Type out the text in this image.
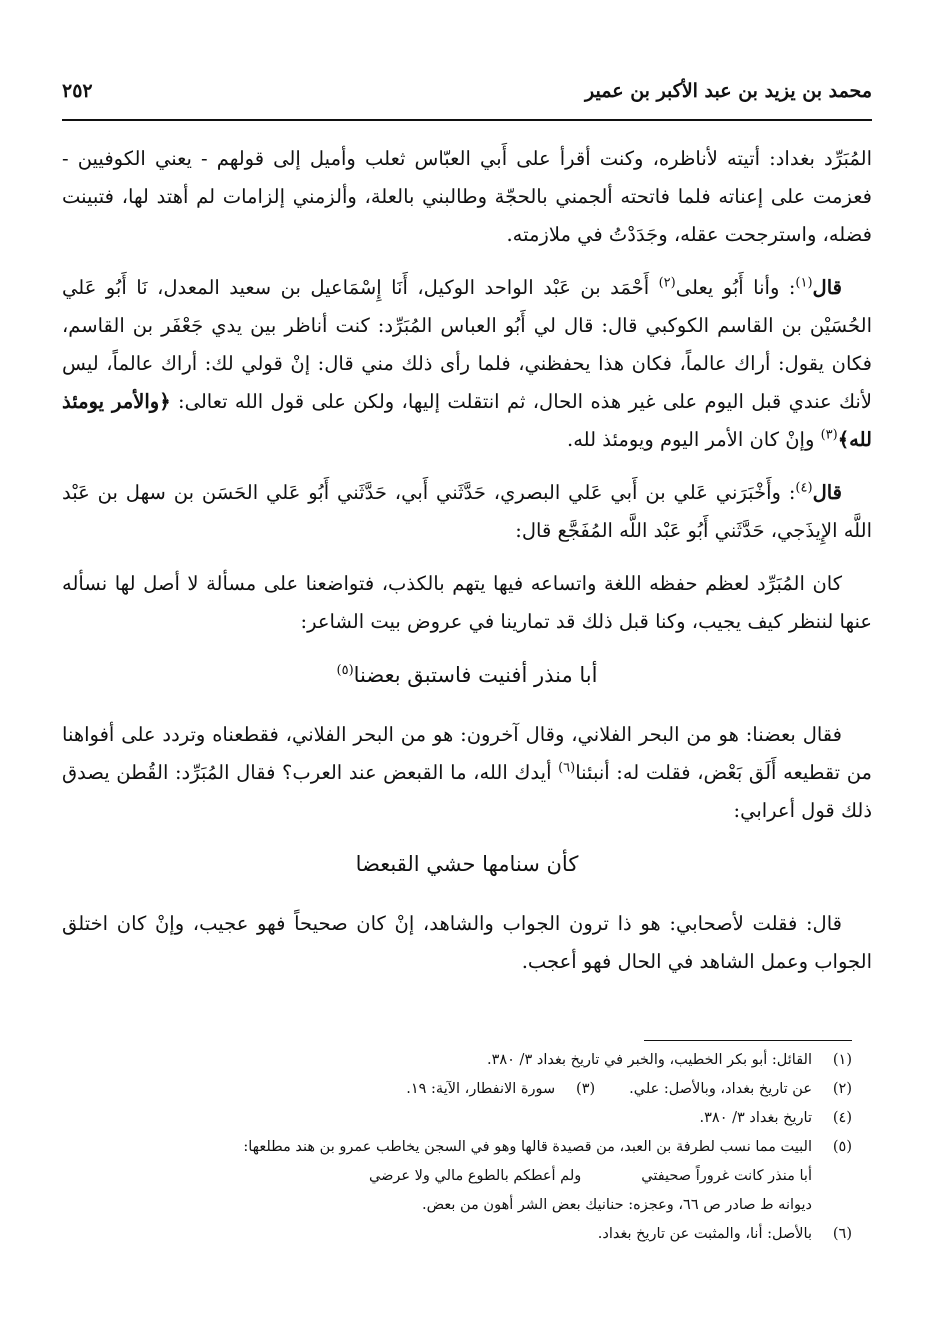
محمد بن يزيد بن عبد الأكبر بن عمير
٢٥٢

المُبَرِّد بغداد: أتيته لأناظره، وكنت أقرأ على أَبي العبّاس ثعلب وأميل إلى قولهم - يعني الكوفيين - فعزمت على إعناته فلما فاتحته ألجمني بالحجّة وطالبني بالعلة، وألزمني إلزامات لم أهتد لها، فتبينت فضله، واسترجحت عقله، وجَدَدْتُ في ملازمته.

قال$^{(١)}$: وأنا أَبُو يعلى$^{(٢)}$ أَحْمَد بن عَبْد الواحد الوكيل، أَنَا إِسْمَاعيل بن سعيد المعدل، نَا أَبُو عَلي الحُسَيْن بن القاسم الكوكبي قال: قال لي أَبُو العباس المُبَرِّد: كنت أناظر بين يدي جَعْفَر بن القاسم، فكان يقول: أراك عالماً، فكان هذا يحفظني، فلما رأى ذلك مني قال: إنْ قولي لك: أراك عالماً، ليس لأنك عندي قبل اليوم على غير هذه الحال، ثم انتقلت إليها، ولكن على قول الله تعالى: ﴿والأمر يومئذ لله﴾$^{(٣)}$ وإنْ كان الأمر اليوم ويومئذ لله.

قال$^{(٤)}$: وأَخْبَرَني عَلي بن أَبي عَلي البصري، حَدَّثَني أَبي، حَدَّثَني أَبُو عَلي الحَسَن بن سهل بن عَبْد اللَّه الإِيذَجي، حَدَّثَني أَبُو عَبْد اللَّه المُفَجَّع قال:

كان المُبَرِّد لعظم حفظه اللغة واتساعه فيها يتهم بالكذب، فتواضعنا على مسألة لا أصل لها نسأله عنها لننظر كيف يجيب، وكنا قبل ذلك قد تمارينا في عروض بيت الشاعر:

أبا منذر أفنيت فاستبق بعضنا$^{(٥)}$

فقال بعضنا: هو من البحر الفلاني، وقال آخرون: هو من البحر الفلاني، فقطعناه وتردد على أفواهنا من تقطيعه أَلَق بَعْض، فقلت له: أنبئنا$^{(٦)}$ أيدك الله، ما القبعض عند العرب؟ فقال المُبَرِّد: القُطن يصدق ذلك قول أعرابي:

كأن سنامها حشي القبعضا

قال: فقلت لأصحابي: هو ذا ترون الجواب والشاهد، إنْ كان صحيحاً فهو عجيب، وإنْ كان اختلق الجواب وعمل الشاهد في الحال فهو أعجب.

(١)
القائل: أبو بكر الخطيب، والخبر في تاريخ بغداد ٣/ ٣٨٠.
(٢)
عن تاريخ بغداد، وبالأصل: علي.
(٣)
سورة الانفطار، الآية: ١٩.
(٤)
تاريخ بغداد ٣/ ٣٨٠.
(٥)
البيت مما نسب لطرفة بن العبد، من قصيدة قالها وهو في السجن يخاطب عمرو بن هند مطلعها:
أبا منذر كانت غروراً صحيفتي
ولم أعطكم بالطوع مالي ولا عرضي
ديوانه ط صادر ص ٦٦، وعجزه: حنانيك بعض الشر أهون من بعض.
(٦)
بالأصل: أنا، والمثبت عن تاريخ بغداد.
